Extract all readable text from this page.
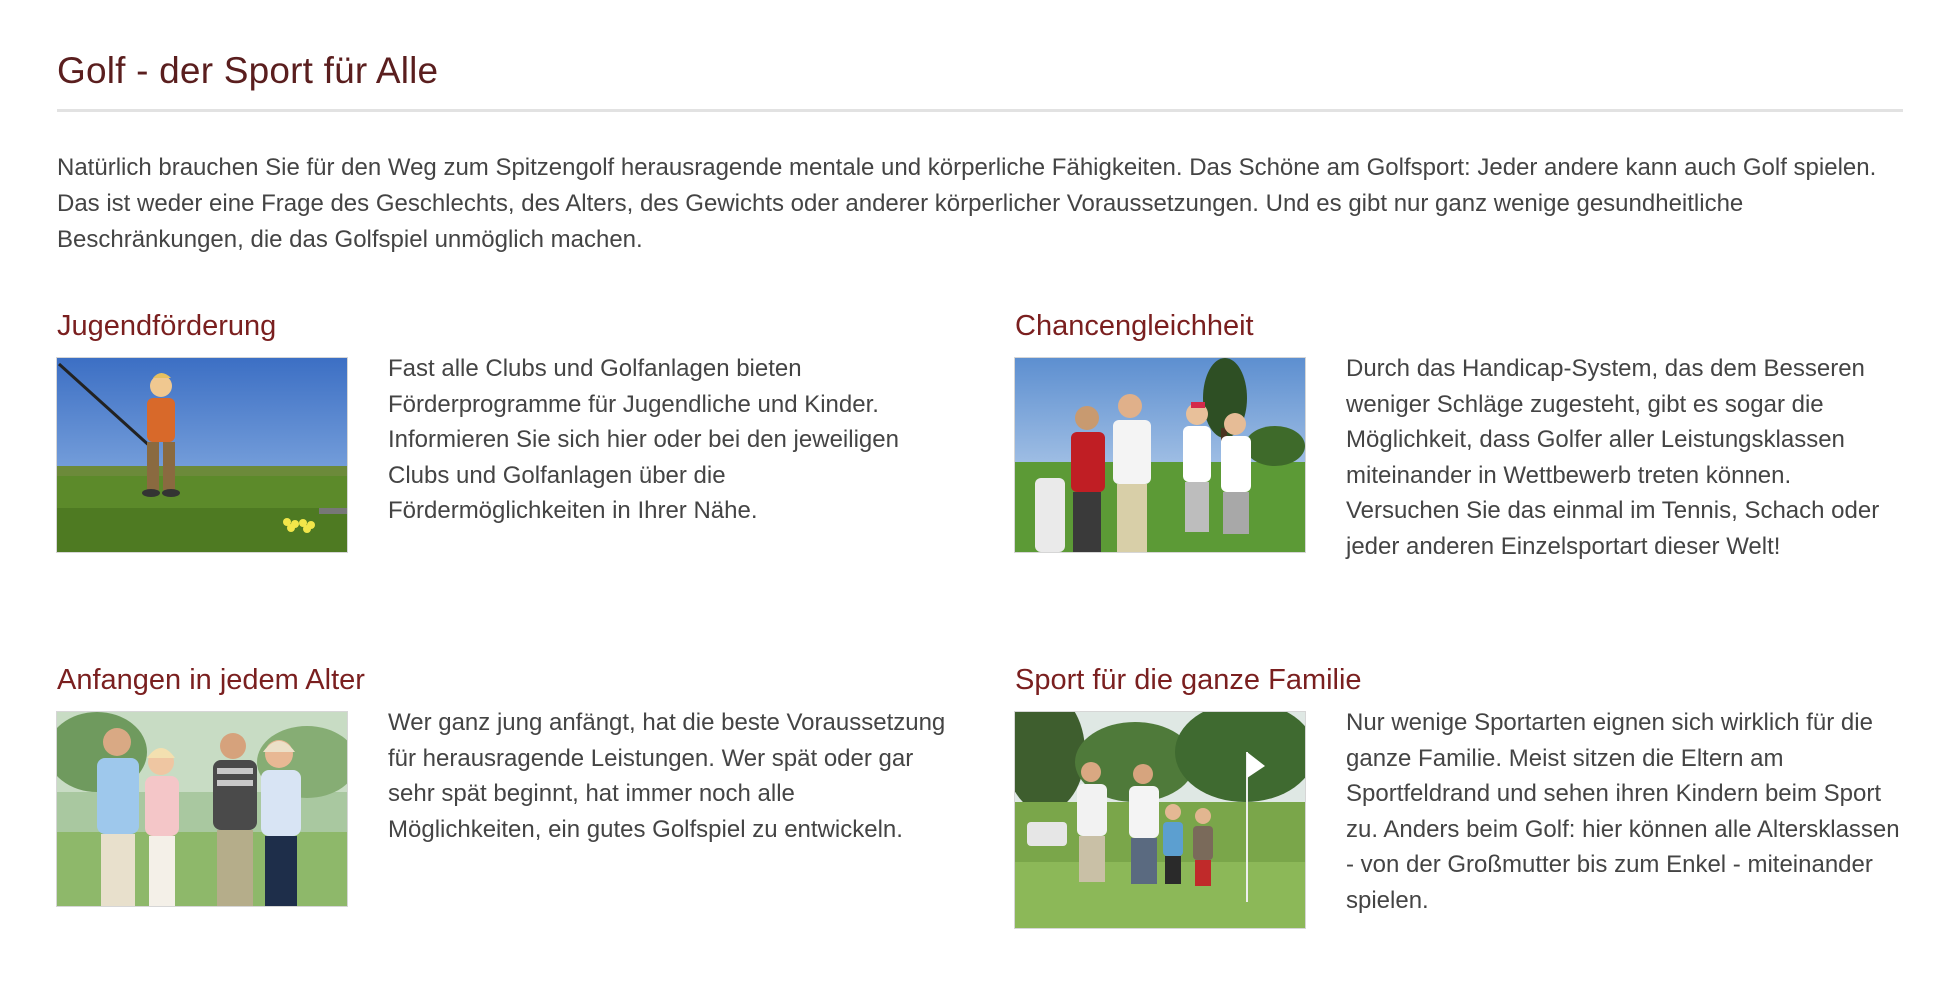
Golf - der Sport für Alle

Natürlich brauchen Sie für den Weg zum Spitzengolf herausragende mentale und körperliche Fähigkeiten. Das Schöne am Golfsport: Jeder andere kann auch Golf spielen. Das ist weder eine Frage des Geschlechts, des Alters, des Gewichts oder anderer körperlicher Voraussetzungen. Und es gibt nur ganz wenige gesundheitliche Beschränkungen, die das Golfspiel unmöglich machen.

Jugendförderung

Fast alle Clubs und Golfanlagen bieten Förderprogramme für Jugendliche und Kinder. Informieren Sie sich hier oder bei den jeweiligen Clubs und Golfanlagen über die Fördermöglichkeiten in Ihrer Nähe.

Chancengleichheit

Durch das Handicap-System, das dem Besseren weniger Schläge zugesteht, gibt es sogar die Möglichkeit, dass Golfer aller Leistungsklassen miteinander in Wettbewerb treten können. Versuchen Sie das einmal im Tennis, Schach oder jeder anderen Einzelsportart dieser Welt!

Anfangen in jedem Alter

Wer ganz jung anfängt, hat die beste Voraussetzung für herausragende Leistungen. Wer spät oder gar sehr spät beginnt, hat immer noch alle Möglichkeiten, ein gutes Golfspiel zu entwickeln.

Sport für die ganze Familie

Nur wenige Sportarten eignen sich wirklich für die ganze Familie. Meist sitzen die Eltern am Sportfeldrand und sehen ihren Kindern beim Sport zu. Anders beim Golf: hier können alle Altersklassen - von der Großmutter bis zum Enkel - miteinander spielen.
